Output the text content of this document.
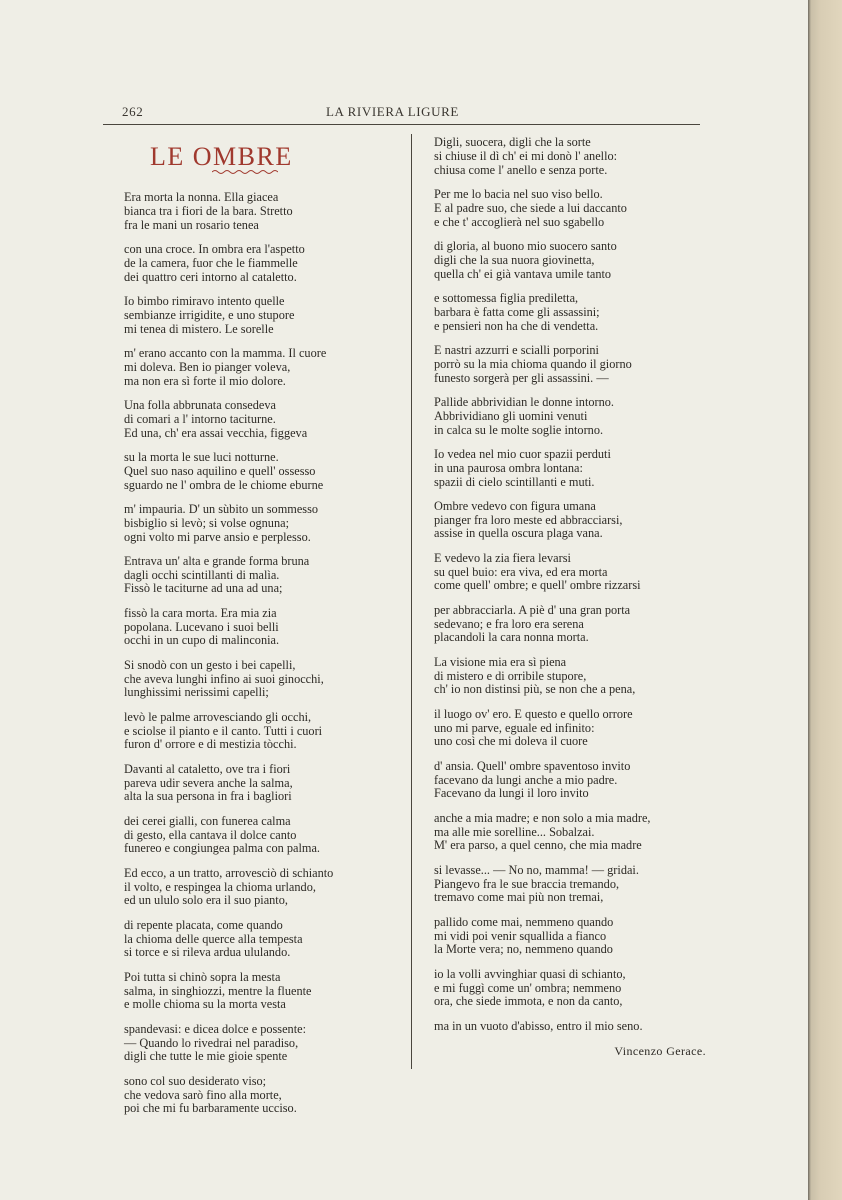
262	LA RIVIERA LIGURE
LE OMBRE
Era morta la nonna. Ella giacea
bianca tra i fiori de la bara. Stretto
fra le mani un rosario tenea
con una croce. In ombra era l'aspetto
de la camera, fuor che le fiammelle
dei quattro ceri intorno al cataletto.
Io bimbo rimiravo intento quelle
sembianze irrigidite, e uno stupore
mi tenea di mistero. Le sorelle
m' erano accanto con la mamma. Il cuore
mi doleva. Ben io pianger voleva,
ma non era sì forte il mio dolore.
Una folla abbrunata consedeva
di comari a l' intorno taciturne.
Ed una, ch' era assai vecchia, figgeva
su la morta le sue luci notturne.
Quel suo naso aquilino e quell' ossesso
sguardo ne l' ombra de le chiome eburne
m' impauria. D' un sùbito un sommesso
bisbiglio si levò; si volse ognuna;
ogni volto mi parve ansio e perplesso.
Entrava un' alta e grande forma bruna
dagli occhi scintillanti di malìa.
Fissò le taciturne ad una ad una;
fissò la cara morta. Era mia zia
popolana. Lucevano i suoi belli
occhi in un cupo di malinconia.
Si snodò con un gesto i bei capelli,
che aveva lunghi infino ai suoi ginocchi,
lunghissimi nerissimi capelli;
levò le palme arrovesciando gli occhi,
e sciolse il pianto e il canto. Tutti i cuori
furon d' orrore e di mestizia tòcchi.
Davanti al cataletto, ove tra i fiori
pareva udir severa anche la salma,
alta la sua persona in fra i bagliori
dei cerei gialli, con funerea calma
di gesto, ella cantava il dolce canto
funereo e congiungea palma con palma.
Ed ecco, a un tratto, arrovesciò di schianto
il volto, e respingea la chioma urlando,
ed un ululo solo era il suo pianto,
di repente placata, come quando
la chioma delle querce alla tempesta
si torce e si rileva ardua ululando.
Poi tutta si chinò sopra la mesta
salma, in singhiozzi, mentre la fluente
e molle chioma su la morta vesta
spandevasi: e dicea dolce e possente:
— Quando lo rivedrai nel paradiso,
digli che tutte le mie gioie spente
sono col suo desiderato viso;
che vedova sarò fino alla morte,
poi che mi fu barbaramente ucciso.
Digli, suocera, digli che la sorte
si chiuse il dì ch' ei mi donò l' anello:
chiusa come l' anello e senza porte.
Per me lo bacia nel suo viso bello.
E al padre suo, che siede a lui daccanto
e che t' accoglierà nel suo sgabello
di gloria, al buono mio suocero santo
digli che la sua nuora giovinetta,
quella ch' ei già vantava umile tanto
e sottomessa figlia prediletta,
barbara è fatta come gli assassini;
e pensieri non ha che di vendetta.
E nastri azzurri e scialli porporini
porrò su la mia chioma quando il giorno
funesto sorgerà per gli assassini. —
Pallide abbrividian le donne intorno.
Abbrividiano gli uomini venuti
in calca su le molte soglie intorno.
Io vedea nel mio cuor spazii perduti
in una paurosa ombra lontana:
spazii di cielo scintillanti e muti.
Ombre vedevo con figura umana
pianger fra loro meste ed abbracciarsi,
assise in quella oscura plaga vana.
E vedevo la zia fiera levarsi
su quel buio: era viva, ed era morta
come quell' ombre; e quell' ombre rizzarsi
per abbracciarla. A piè d' una gran porta
sedevano; e fra loro era serena
placandoli la cara nonna morta.
La visione mia era sì piena
di mistero e di orribile stupore,
ch' io non distinsi più, se non che a pena,
il luogo ov' ero. E questo e quello orrore
uno mi parve, eguale ed infinito:
uno così che mi doleva il cuore
d' ansia. Quell' ombre spaventoso invito
facevano da lungi anche a mio padre.
Facevano da lungi il loro invito
anche a mia madre; e non solo a mia madre,
ma alle mie sorelline... Sobalzai.
M' era parso, a quel cenno, che mia madre
si levasse... — No no, mamma! — gridai.
Piangevo fra le sue braccia tremando,
tremavo come mai più non tremai,
pallido come mai, nemmeno quando
mi vidi poi venir squallida a fianco
la Morte vera; no, nemmeno quando
io la volli avvinghiar quasi di schianto,
e mi fuggì come un' ombra; nemmeno
ora, che siede immota, e non da canto,
ma in un vuoto d'abisso, entro il mio seno.
Vincenzo Gerace.
